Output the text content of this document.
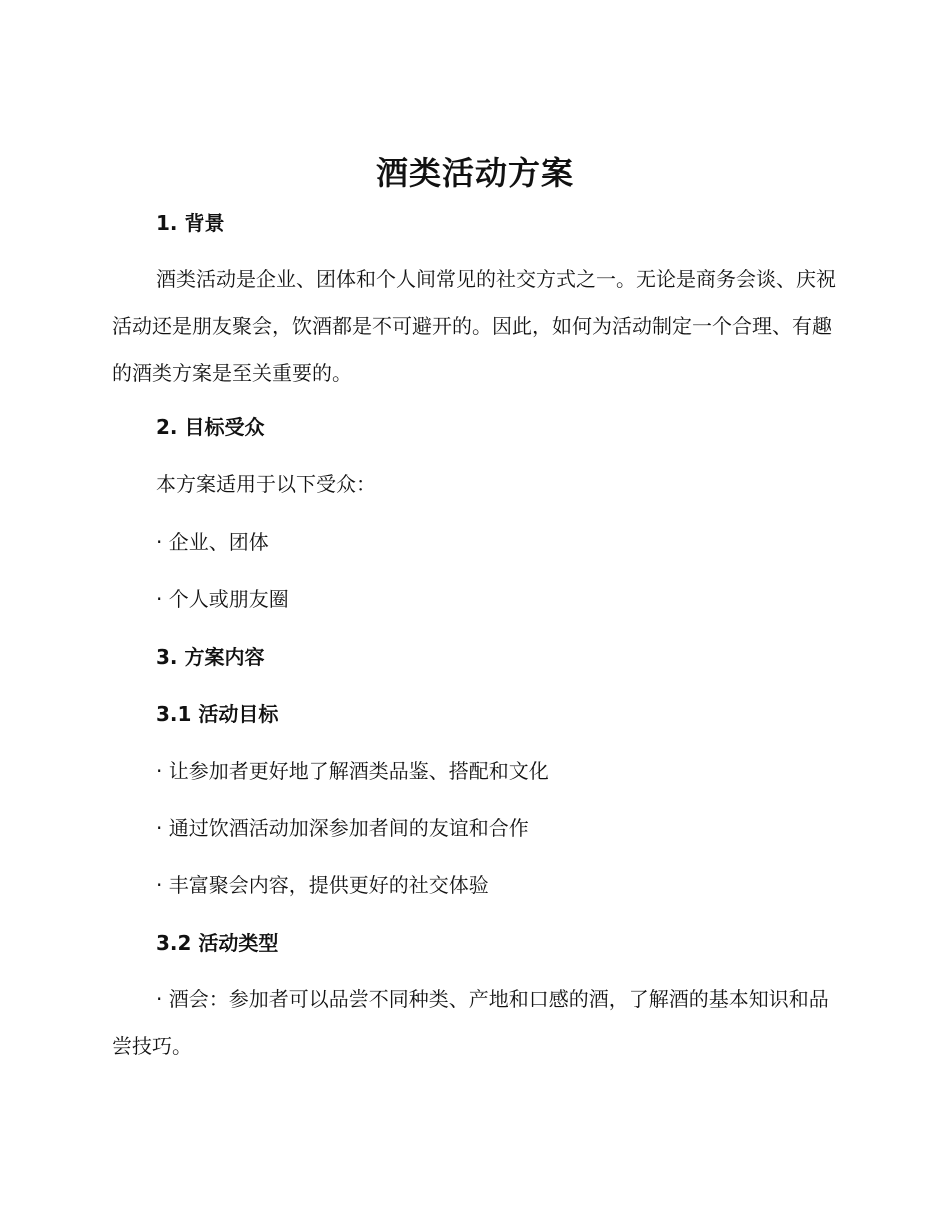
酒类活动方案
1. 背景

酒类活动是企业、团体和个人间常见的社交方式之一。无论是商务会谈、庆祝活动还是朋友聚会，饮酒都是不可避开的。因此，如何为活动制定一个合理、有趣的酒类方案是至关重要的。

2. 目标受众
本方案适用于以下受众：
· 企业、团体
· 个人或朋友圈
3. 方案内容
3.1 活动目标
· 让参加者更好地了解酒类品鉴、搭配和文化
· 通过饮酒活动加深参加者间的友谊和合作
· 丰富聚会内容，提供更好的社交体验
3.2 活动类型

· 酒会：参加者可以品尝不同种类、产地和口感的酒，了解酒的基本知识和品尝技巧。
